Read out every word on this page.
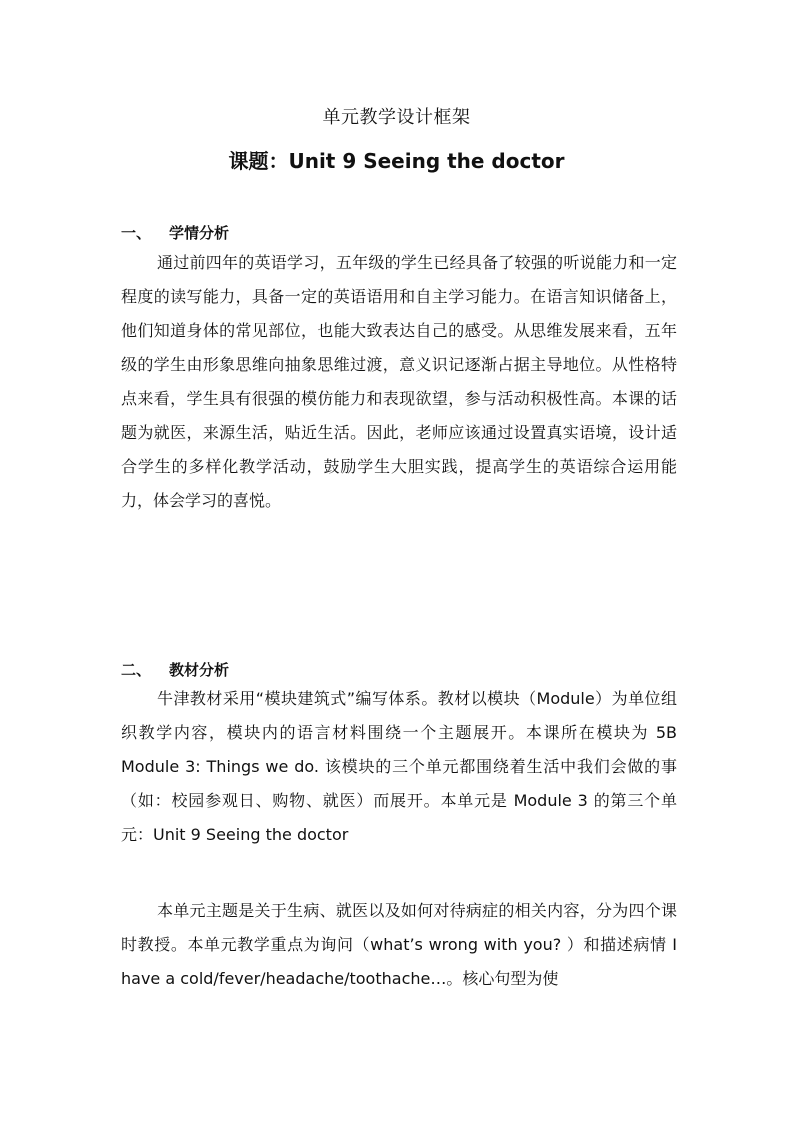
单元教学设计框架
课题：Unit 9 Seeing the doctor
一、 学情分析

通过前四年的英语学习，五年级的学生已经具备了较强的听说能力和一定程度的读写能力，具备一定的英语语用和自主学习能力。在语言知识储备上，他们知道身体的常见部位，也能大致表达自己的感受。从思维发展来看，五年级的学生由形象思维向抽象思维过渡，意义识记逐渐占据主导地位。从性格特点来看，学生具有很强的模仿能力和表现欲望，参与活动积极性高。本课的话题为就医，来源生活，贴近生活。因此，老师应该通过设置真实语境，设计适合学生的多样化教学活动，鼓励学生大胆实践，提高学生的英语综合运用能力，体会学习的喜悦。

二、 教材分析

牛津教材采用“模块建筑式”编写体系。教材以模块（Module）为单位组织教学内容，模块内的语言材料围绕一个主题展开。本课所在模块为 5B Module 3: Things we do. 该模块的三个单元都围绕着生活中我们会做的事（如：校园参观日、购物、就医）而展开。本单元是 Module 3 的第三个单元：Unit 9 Seeing the doctor

本单元主题是关于生病、就医以及如何对待病症的相关内容，分为四个课时教授。本单元教学重点为询问（what’s wrong with you? ）和描述病情 I have a cold/fever/headache/toothache…。核心句型为使
